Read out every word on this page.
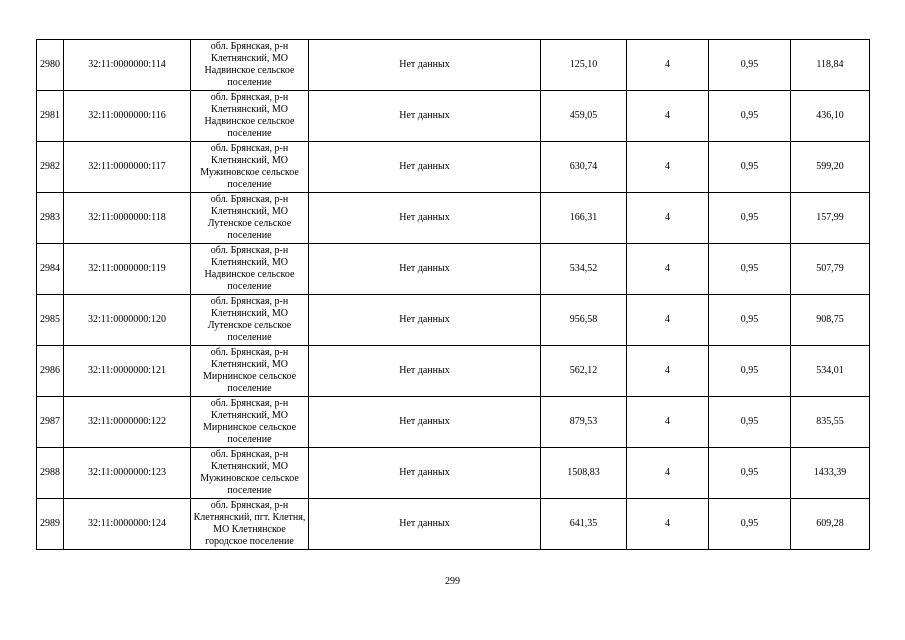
2980	32:11:0000000:114	обл. Брянская, р-н
Клетнянский, МО
Надвинское сельское
поселение	Нет данных	125,10	4	0,95	118,84
2981	32:11:0000000:116	обл. Брянская, р-н
Клетнянский, МО
Надвинское сельское
поселение	Нет данных	459,05	4	0,95	436,10
2982	32:11:0000000:117	обл. Брянская, р-н
Клетнянский, МО
Мужиновское сельское
поселение	Нет данных	630,74	4	0,95	599,20
2983	32:11:0000000:118	обл. Брянская, р-н
Клетнянский, МО
Лутенское сельское
поселение	Нет данных	166,31	4	0,95	157,99
2984	32:11:0000000:119	обл. Брянская, р-н
Клетнянский, МО
Надвинское сельское
поселение	Нет данных	534,52	4	0,95	507,79
2985	32:11:0000000:120	обл. Брянская, р-н
Клетнянский, МО
Лутенское сельское
поселение	Нет данных	956,58	4	0,95	908,75
2986	32:11:0000000:121	обл. Брянская, р-н
Клетнянский, МО
Мирнинское сельское
поселение	Нет данных	562,12	4	0,95	534,01
2987	32:11:0000000:122	обл. Брянская, р-н
Клетнянский, МО
Мирнинское сельское
поселение	Нет данных	879,53	4	0,95	835,55
2988	32:11:0000000:123	обл. Брянская, р-н
Клетнянский, МО
Мужиновское сельское
поселение	Нет данных	1508,83	4	0,95	1433,39
2989	32:11:0000000:124	обл. Брянская, р-н
Клетнянский, пгт. Клетня,
МО Клетнянское
городское поселение	Нет данных	641,35	4	0,95	609,28
299
